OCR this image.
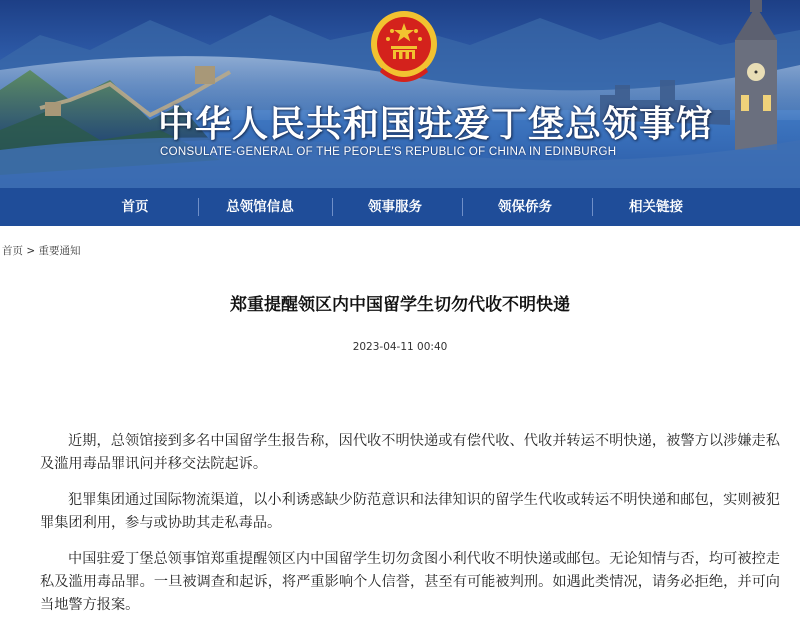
中华人民共和国驻爱丁堡总领事馆
CONSULATE-GENERAL OF THE PEOPLE'S REPUBLIC OF CHINA IN EDINBURGH
首页	总领馆信息	领事服务	领保侨务	相关链接
首页 > 重要通知
郑重提醒领区内中国留学生切勿代收不明快递
2023-04-11 00:40

近期，总领馆接到多名中国留学生报告称，因代收不明快递或有偿代收、代收并转运不明快递，被警方以涉嫌走私及滥用毒品罪讯问并移交法院起诉。

犯罪集团通过国际物流渠道，以小利诱惑缺少防范意识和法律知识的留学生代收或转运不明快递和邮包，实则被犯罪集团利用，参与或协助其走私毒品。

中国驻爱丁堡总领事馆郑重提醒领区内中国留学生切勿贪图小利代收不明快递或邮包。无论知情与否，均可被控走私及滥用毒品罪。一旦被调查和起诉，将严重影响个人信誉，甚至有可能被判刑。如遇此类情况，请务必拒绝，并可向当地警方报案。
